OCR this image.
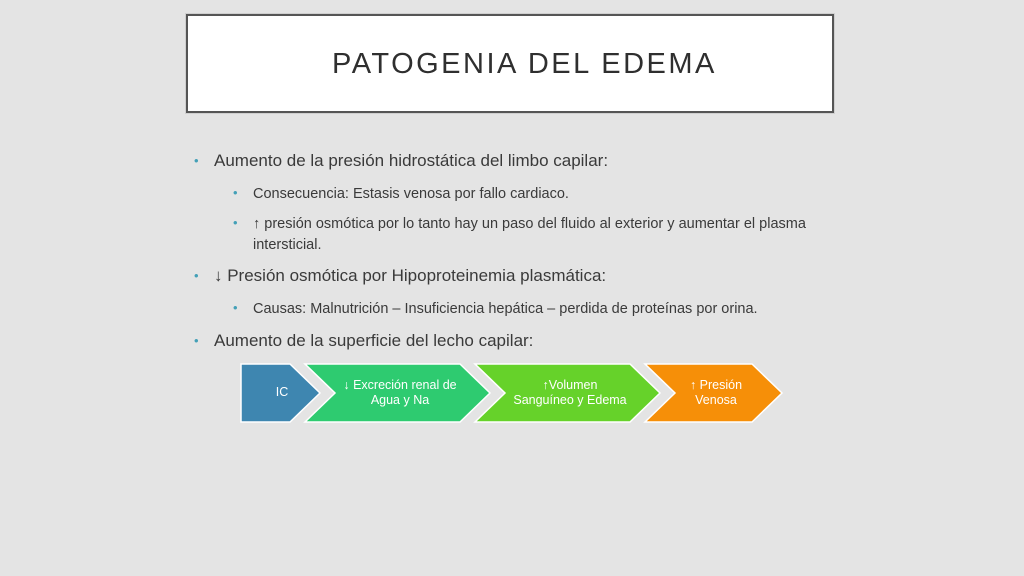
PATOGENIA DEL EDEMA
• Aumento de la presión hidrostática del limbo capilar:
•	Consecuencia: Estasis venosa por fallo cardiaco.
•	↑ presión osmótica por lo tanto hay un paso del fluido al exterior y aumentar el plasma intersticial.
• ↓ Presión osmótica por Hipoproteinemia plasmática:
•	Causas: Malnutrición – Insuficiencia hepática – perdida de proteínas por orina.
• Aumento de la superficie del lecho capilar:
IC	↓ Excreción renal de
Agua y Na
↑Volumen
Sanguíneo y Edema
↑ Presión
Venosa
